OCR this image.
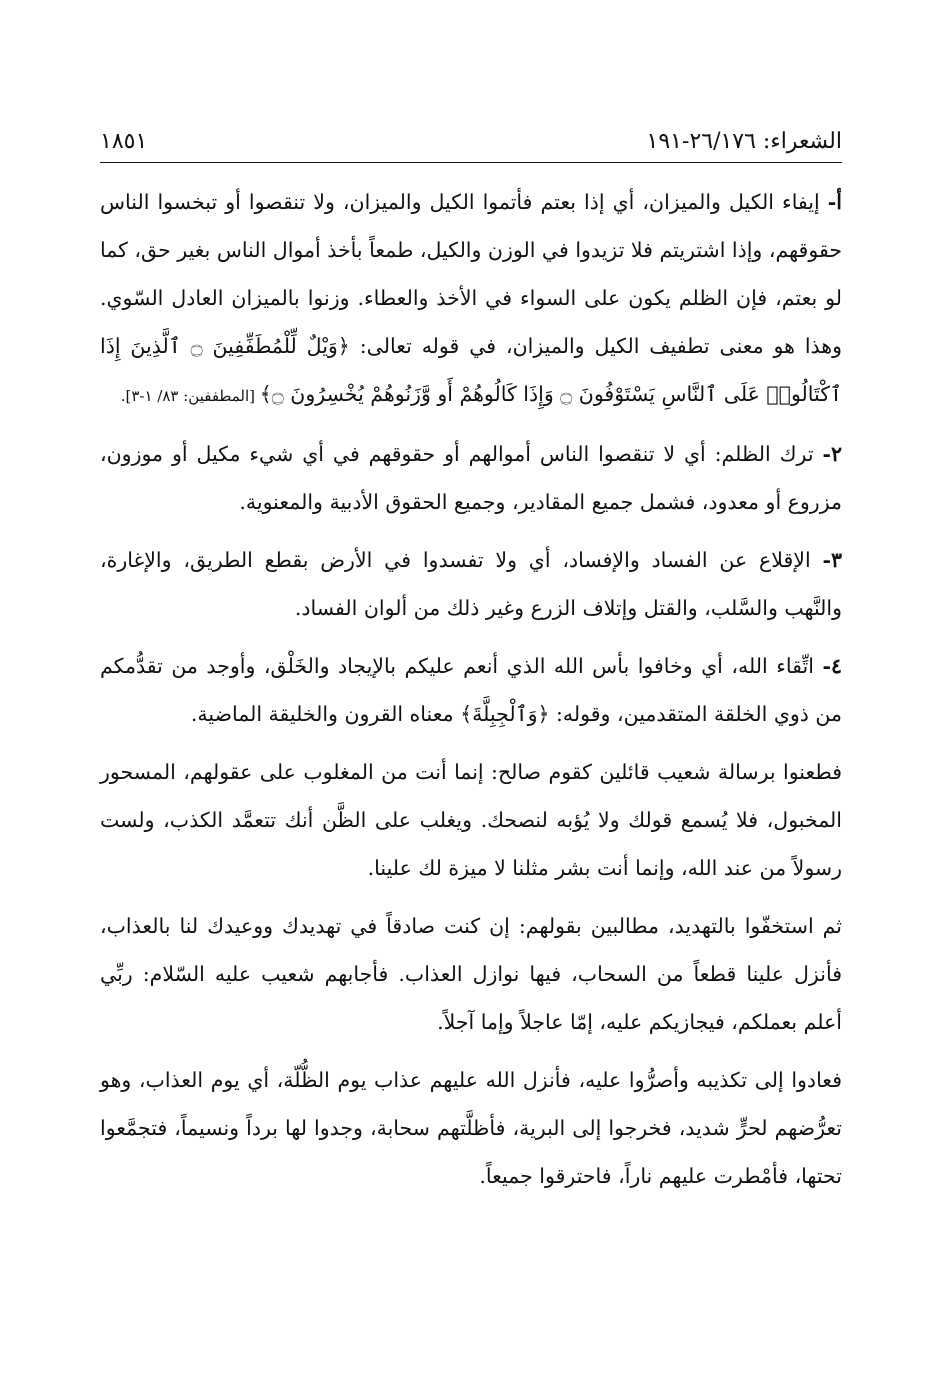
الشعراء: ٢٦/١٧٦-١٩١
١٨٥١

أ- إيفاء الكيل والميزان، أي إذا بعتم فأتموا الكيل والميزان، ولا تنقصوا أو تبخسوا الناس حقوقهم، وإذا اشتريتم فلا تزيدوا في الوزن والكيل، طمعاً بأخذ أموال الناس بغير حق، كما لو بعتم، فإن الظلم يكون على السواء في الأخذ والعطاء. وزنوا بالميزان العادل السّوي. وهذا هو معنى تطفيف الكيل والميزان، في قوله تعالى: ﴿وَيْلٌ لِّلْمُطَفِّفِينَ ۝ ٱلَّذِينَ إِذَا ٱكْتَالُوا۟ عَلَى ٱلنَّاسِ يَسْتَوْفُونَ ۝ وَإِذَا كَالُوهُمْ أَو وَّزَنُوهُمْ يُخْسِرُونَ ۝﴾ [المطففين: ٨٣/ ١-٣].

٢- ترك الظلم: أي لا تنقصوا الناس أموالهم أو حقوقهم في أي شيء مكيل أو موزون، مزروع أو معدود، فشمل جميع المقادير، وجميع الحقوق الأدبية والمعنوية.

٣- الإقلاع عن الفساد والإفساد، أي ولا تفسدوا في الأرض بقطع الطريق، والإغارة، والنَّهب والسَّلب، والقتل وإتلاف الزرع وغير ذلك من ألوان الفساد.

٤- اتِّقاء الله، أي وخافوا بأس الله الذي أنعم عليكم بالإيجاد والخَلْق، وأوجد من تقدُّمكم من ذوي الخلقة المتقدمين، وقوله: ﴿وَٱلْجِبِلَّةَ﴾ معناه القرون والخليقة الماضية.

فطعنوا برسالة شعيب قائلين كقوم صالح: إنما أنت من المغلوب على عقولهم، المسحور المخبول، فلا يُسمع قولك ولا يُؤبه لنصحك. ويغلب على الظَّن أنك تتعمَّد الكذب، ولست رسولاً من عند الله، وإنما أنت بشر مثلنا لا ميزة لك علينا.

ثم استخفّوا بالتهديد، مطالبين بقولهم: إن كنت صادقاً في تهديدك ووعيدك لنا بالعذاب، فأنزل علينا قطعاً من السحاب، فيها نوازل العذاب. فأجابهم شعيب عليه السّلام: ربِّي أعلم بعملكم، فيجازيكم عليه، إمّا عاجلاً وإما آجلاً.

فعادوا إلى تكذيبه وأصرُّوا عليه، فأنزل الله عليهم عذاب يوم الظُّلّة، أي يوم العذاب، وهو تعرُّضهم لحرٍّ شديد، فخرجوا إلى البرية، فأظلَّتهم سحابة، وجدوا لها برداً ونسيماً، فتجمَّعوا تحتها، فأمْطرت عليهم ناراً، فاحترقوا جميعاً.
